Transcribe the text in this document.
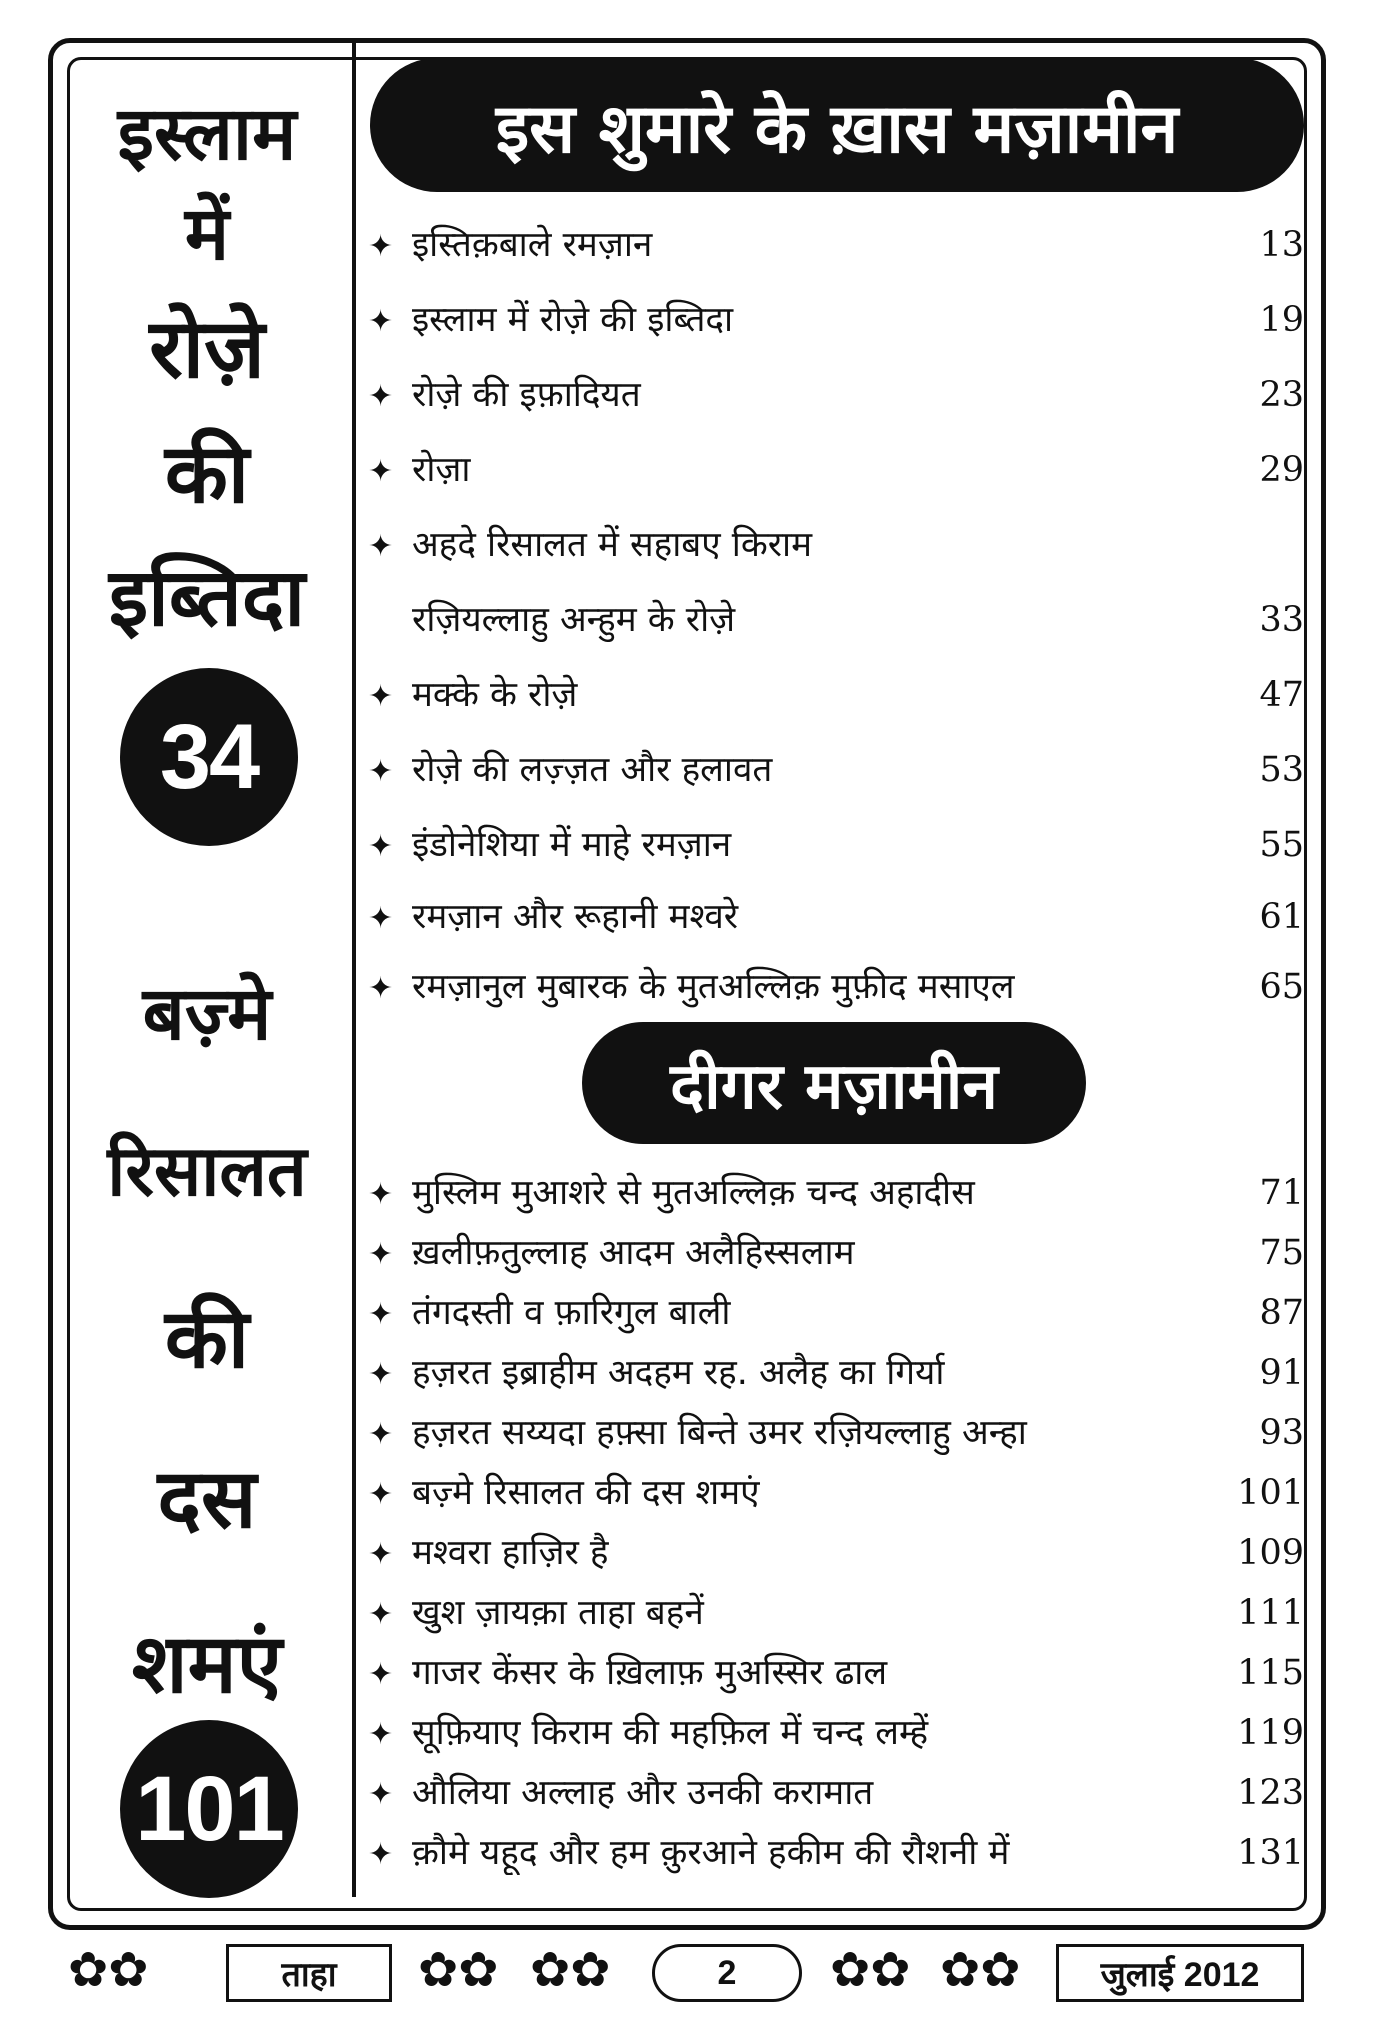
इस्लाम
में
रोज़े
की
इब्तिदा
34
बज़्मे
रिसालत
की
दस
शमएं
101
इस शुमारे के ख़ास मज़ामीन
✦ इस्तिक़बाले रमज़ान	13
✦ इस्लाम में रोज़े की इब्तिदा	19
✦ रोज़े की इफ़ादियत	23
✦ रोज़ा	29
✦ अहदे रिसालत में सहाबए किराम
रज़ियल्लाहु अन्हुम के रोज़े	33
✦ मक्के के रोज़े	47
✦ रोज़े की लज़्ज़त और हलावत	53
✦ इंडोनेशिया में माहे रमज़ान	55
✦ रमज़ान और रूहानी मश्वरे	61
✦ रमज़ानुल मुबारक के मुतअल्लिक़ मुफ़ीद मसाएल	65
दीगर मज़ामीन
✦ मुस्लिम मुआशरे से मुतअल्लिक़ चन्द अहादीस	71
✦ ख़लीफ़तुल्लाह आदम अलैहिस्सलाम	75
✦ तंगदस्ती व फ़ारिगुल बाली	87
✦ हज़रत इब्राहीम अदहम रह. अलैह का गिर्या	91
✦ हज़रत सय्यदा हफ़्सा बिन्ते उमर रज़ियल्लाहु अन्हा	93
✦ बज़्मे रिसालत की दस शमएं	101
✦ मश्वरा हाज़िर है	109
✦ खुश ज़ायक़ा ताहा बहनें	111
✦ गाजर केंसर के ख़िलाफ़ मुअस्सिर ढाल	115
✦ सूफ़ियाए किराम की महफ़िल में चन्द लम्हें	119
✦ औलिया अल्लाह और उनकी करामात	123
✦ क़ौमे यहूद और हम क़ुरआने हकीम की रौशनी में	131
✿✿	ताहा	✿✿ ✿✿	2	✿✿ ✿✿	जुलाई 2012
